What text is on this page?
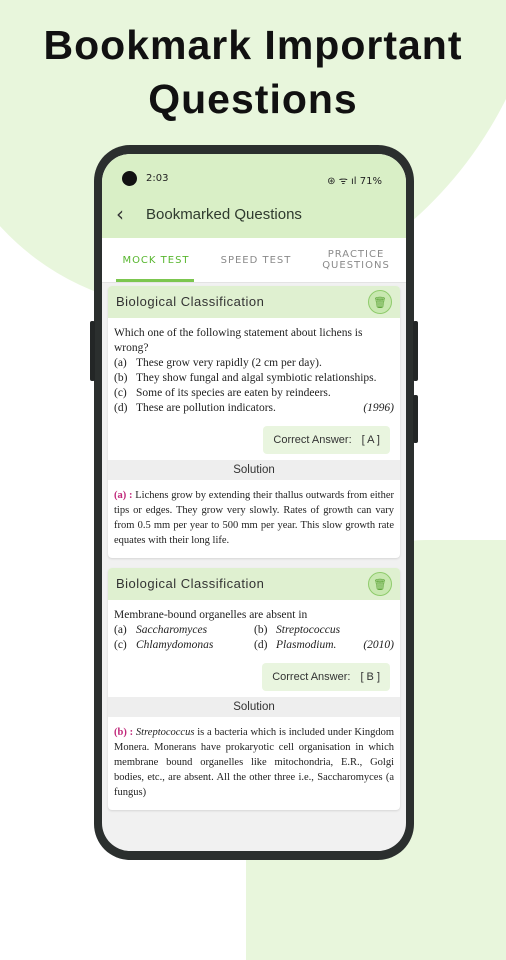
Bookmark Important
Questions
2:03	⊛ ᯤ ıl 71%
‹ Bookmarked Questions
MOCK TEST	SPEED TEST	PRACTICE QUESTIONS
Biological Classification	🗑
Which one of the following statement about lichens is wrong?
(a) These grow very rapidly (2 cm per day).
(b) They show fungal and algal symbiotic relationships.
(c) Some of its species are eaten by reindeers.
(d) These are pollution indicators.	(1996)
Correct Answer: [ A ]
Solution
(a) : Lichens grow by extending their thallus outwards from either tips or edges. They grow very slowly. Rates of growth can vary from 0.5 mm per year to 500 mm per year. This slow growth rate equates with their long life.
Biological Classification	🗑
Membrane-bound organelles are absent in
(a) Saccharomyces	(b) Streptococcus
(c) Chlamydomonas	(d) Plasmodium. (2010)
Correct Answer: [ B ]
Solution
(b) : Streptococcus is a bacteria which is included under Kingdom Monera. Monerans have prokaryotic cell organisation in which membrane bound organelles like mitochondria, E.R., Golgi bodies, etc., are absent. All the other three i.e., Saccharomyces (a fungus)
